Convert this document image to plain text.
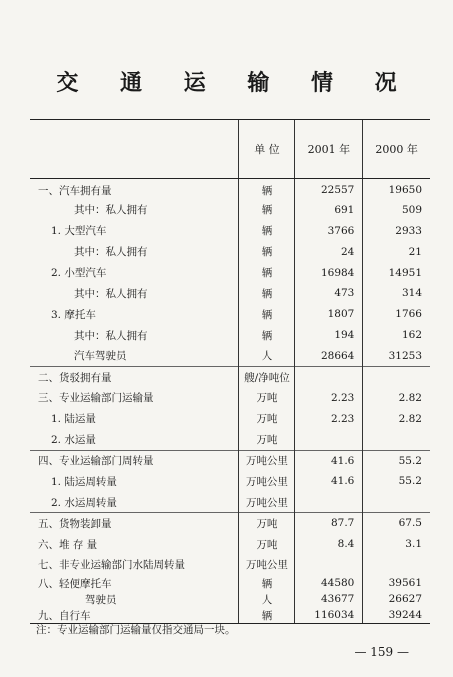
交 通 运 输 情 况
	单 位	2001 年	2000 年
一、汽车拥有量	辆	22557	19650
其中：私人拥有	辆	691	509
1. 大型汽车	辆	3766	2933
其中：私人拥有	辆	24	21
2. 小型汽车	辆	16984	14951
其中：私人拥有	辆	473	314
3. 摩托车	辆	1807	1766
其中：私人拥有	辆	194	162
汽车驾驶员	人	28664	31253
二、货驳拥有量	艘/净吨位		
三、专业运输部门运输量	万吨	2.23	2.82
1. 陆运量	万吨	2.23	2.82
2. 水运量	万吨		
四、专业运输部门周转量	万吨公里	41.6	55.2
1. 陆运周转量	万吨公里	41.6	55.2
2. 水运周转量	万吨公里		
五、货物装卸量	万吨	87.7	67.5
六、堆 存 量	万吨	8.4	3.1
七、非专业运输部门水陆周转量	万吨公里		
八、轻便摩托车	辆	44580	39561
驾驶员	人	43677	26627
九、自行车	辆	116034	39244
注：专业运输部门运输量仅指交通局一块。
— 159 —
